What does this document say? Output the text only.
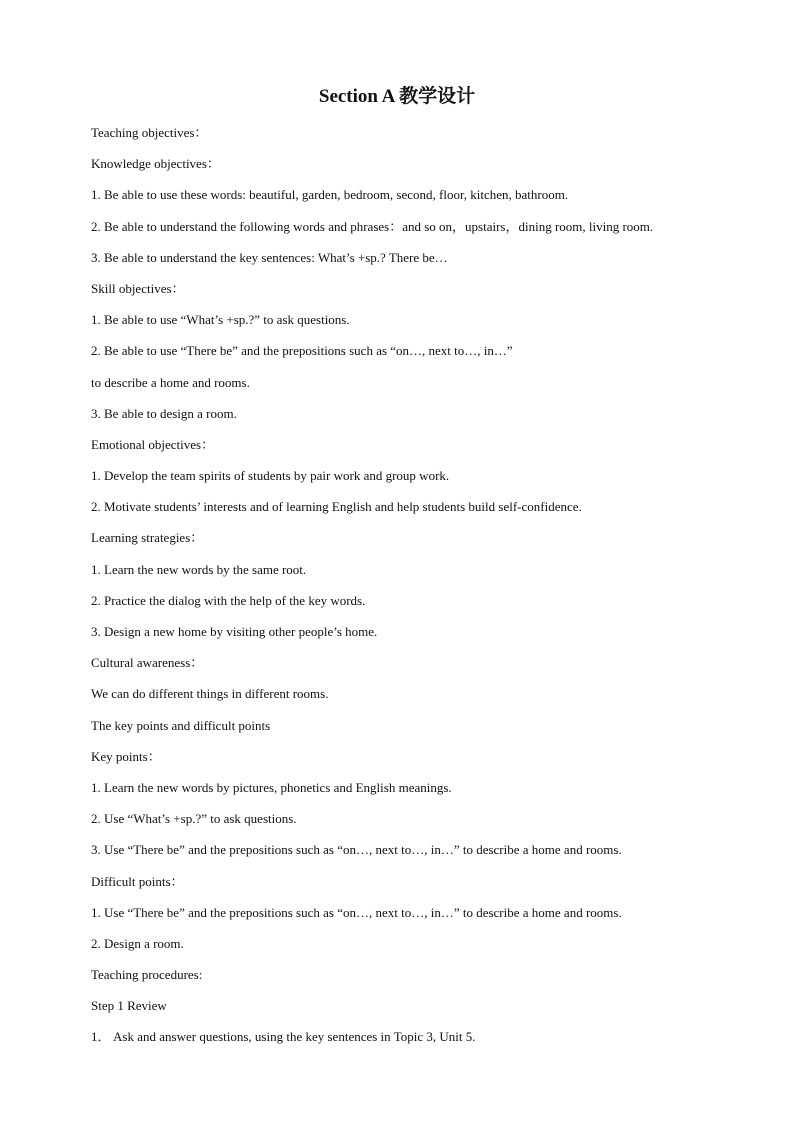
Section A 教学设计
Teaching objectives：
Knowledge objectives：
1. Be able to use these words: beautiful, garden, bedroom, second, floor, kitchen, bathroom.
2. Be able to understand the following words and phrases：and so on，upstairs，dining room, living room.
3. Be able to understand the key sentences: What’s +sp.? There be…
Skill objectives：
1. Be able to use “What’s +sp.?” to ask questions.
2. Be able to use “There be” and the prepositions such as “on…, next to…, in…”
to describe a home and rooms.
3. Be able to design a room.
Emotional objectives：
1. Develop the team spirits of students by pair work and group work.
2. Motivate students’ interests and of learning English and help students build self-confidence.
Learning strategies：
1. Learn the new words by the same root.
2. Practice the dialog with the help of the key words.
3. Design a new home by visiting other people’s home.
Cultural awareness：
We can do different things in different rooms.
The key points and difficult points
Key points：
1. Learn the new words by pictures, phonetics and English meanings.
2. Use “What’s +sp.?” to ask questions.
3. Use “There be” and the prepositions such as “on…, next to…, in…” to describe a home and rooms.
Difficult points：
1. Use “There be” and the prepositions such as “on…, next to…, in…” to describe a home and rooms.
2. Design a room.
Teaching procedures:
Step 1 Review
1． Ask and answer questions, using the key sentences in Topic 3, Unit 5.
